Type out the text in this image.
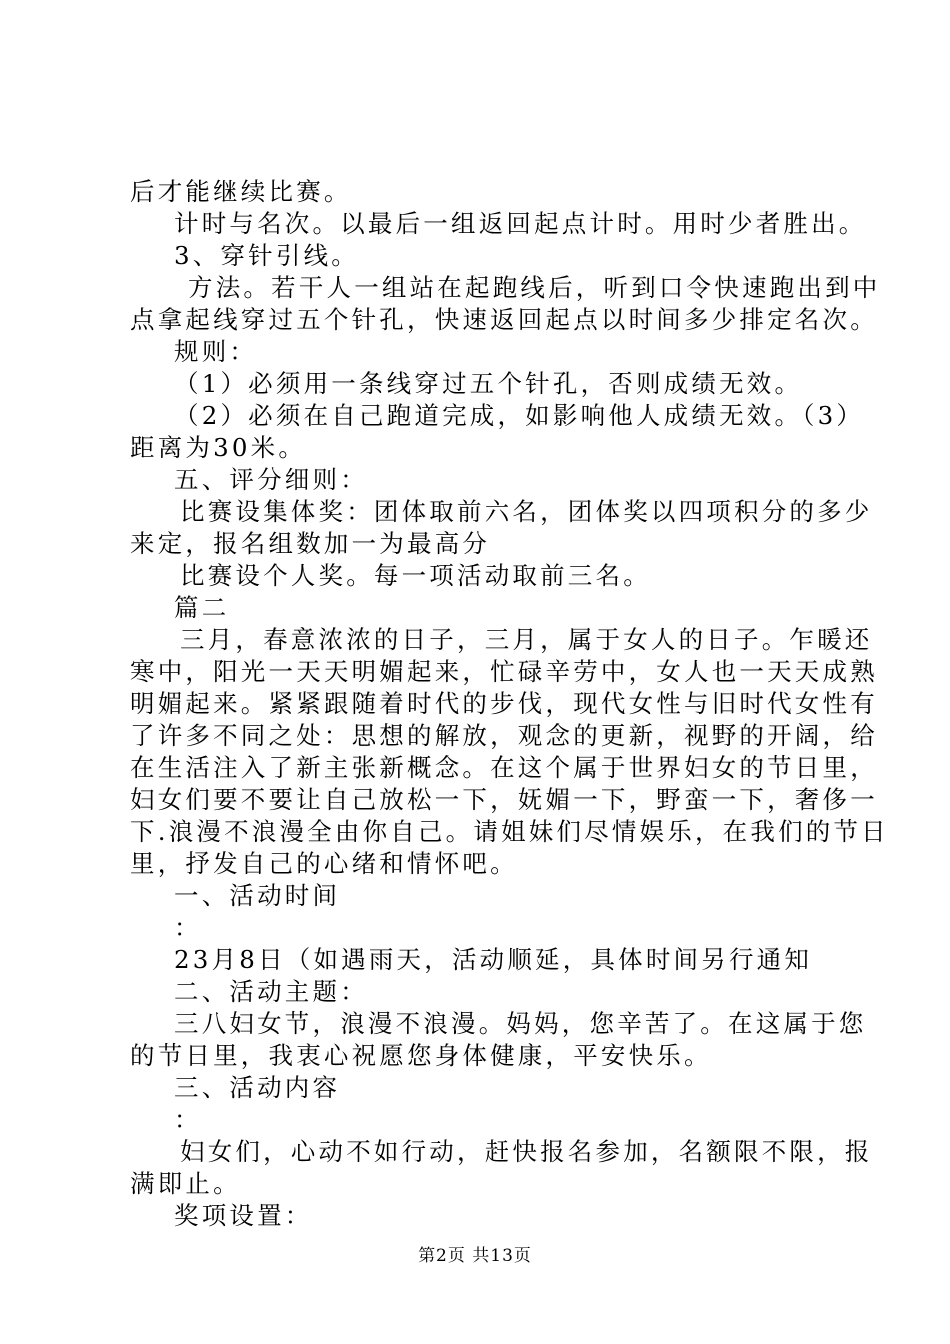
后才能继续比赛。

计时与名次。以最后一组返回起点计时。用时少者胜出。

3、穿针引线。

方法。若干人一组站在起跑线后，听到口令快速跑出到中

点拿起线穿过五个针孔，快速返回起点以时间多少排定名次。

规则：

（1）必须用一条线穿过五个针孔，否则成绩无效。

（2）必须在自己跑道完成，如影响他人成绩无效。（3）

距离为30米。

五、评分细则：

比赛设集体奖：团体取前六名，团体奖以四项积分的多少

来定，报名组数加一为最高分

比赛设个人奖。每一项活动取前三名。

篇二

三月，春意浓浓的日子，三月，属于女人的日子。乍暖还

寒中，阳光一天天明媚起来，忙碌辛劳中，女人也一天天成熟

明媚起来。紧紧跟随着时代的步伐，现代女性与旧时代女性有

了许多不同之处：思想的解放，观念的更新，视野的开阔，给

在生活注入了新主张新概念。在这个属于世界妇女的节日里，

妇女们要不要让自己放松一下，妩媚一下，野蛮一下，奢侈一

下.浪漫不浪漫全由你自己。请姐妹们尽情娱乐，在我们的节日

里，抒发自己的心绪和情怀吧。

一、活动时间

：

23月8日（如遇雨天，活动顺延，具体时间另行通知

二、活动主题：

三八妇女节，浪漫不浪漫。妈妈，您辛苦了。在这属于您

的节日里，我衷心祝愿您身体健康，平安快乐。

三、活动内容

：

妇女们，心动不如行动，赶快报名参加，名额限不限，报

满即止。

奖项设置：

第2页 共13页
